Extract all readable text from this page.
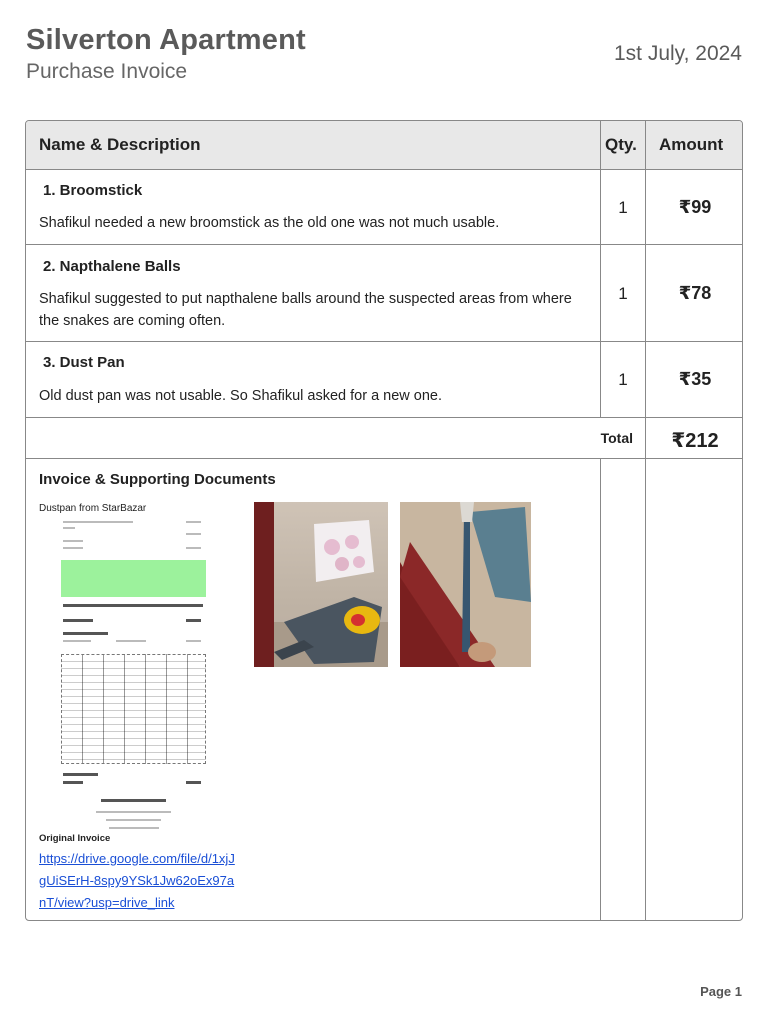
Silverton Apartment
Purchase Invoice
1st July, 2024
Name & Description	Qty. Amount
1. Broomstick
Shafikul needed a new broomstick as the old one was not much usable.
1	₹99
2. Napthalene Balls
Shafikul suggested to put napthalene balls around the suspected areas from where the snakes are coming often.
1	₹78
3. Dust Pan
Old dust pan was not usable. So Shafikul asked for a new one.
1	₹35
Total	₹212
Invoice & Supporting Documents
Dustpan from StarBazar
Original Invoice
https://drive.google.com/file/d/1xjJgUiSErH-8spy9YSk1Jw62oEx97anT/view?usp=drive_link
Page 1
